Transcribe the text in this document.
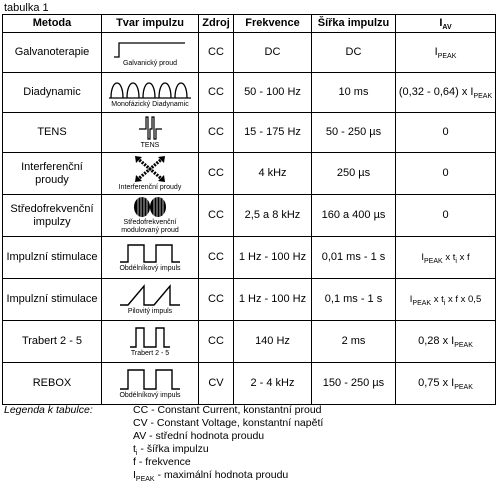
tabulka 1
Metoda	Tvar impulzu	Zdroj	Frekvence	Šířka impulzu	$I_{AV}$
Galvanoterapie	Galvanický proud	CC	DC	DC	$I_{PEAK}$
Diadynamic	Monofázický Diadynamic	CC	50 - 100 Hz	10 ms	(0,32 - 0,64) x $I_{PEAK}$
TENS	TENS	CC	15 - 175 Hz	50 - 250 µs	0
Interferenční proudy	Interferenční proudy	CC	4 kHz	250 µs	0
Středofrekvenční impulzy	Středofrekvenční modulovaný proud	CC	2,5 a 8 kHz	160 a 400 µs	0
Impulzní stimulace	Obdélníkový impuls	CC	1 Hz - 100 Hz	0,01 ms - 1 s	$I_{PEAK}$ x $t_i$ x f
Impulzní stimulace	Pilovitý impuls	CC	1 Hz - 100 Hz	0,1 ms - 1 s	$I_{PEAK}$ x $t_i$ x f x 0,5
Trabert 2 - 5	Trabert 2 - 5	CC	140 Hz	2 ms	0,28 x $I_{PEAK}$
REBOX	Obdélníkový impuls	CV	2 - 4 kHz	150 - 250 µs	0,75 x $I_{PEAK}$
Legenda k tabulce:	CC - Constant Current, konstantní proud
CV - Constant Voltage, konstantní napětí
AV - střední hodnota proudu
$t_i$ - šířka impulzu
f - frekvence
$I_{PEAK}$ - maximální hodnota proudu
